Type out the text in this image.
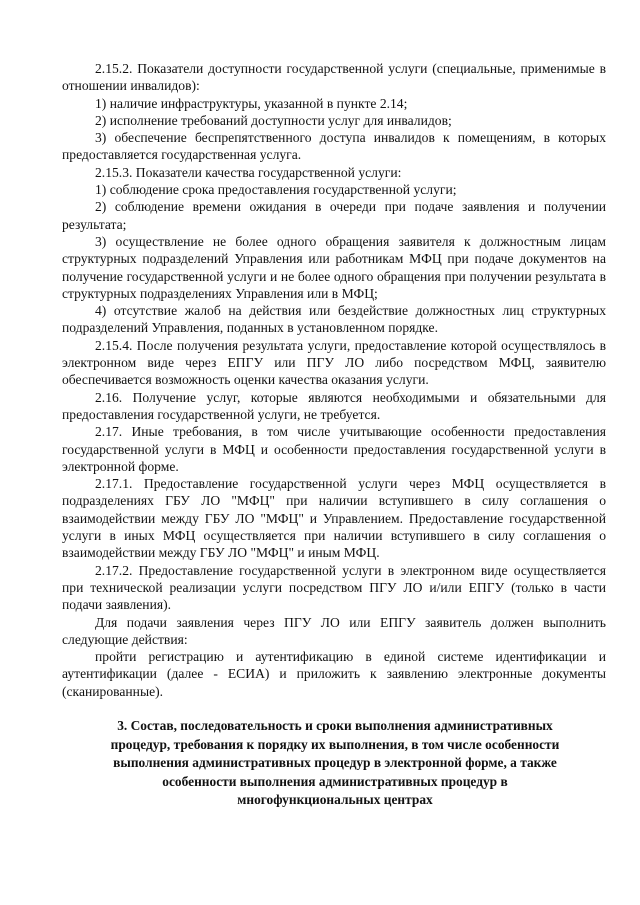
2.15.2. Показатели доступности государственной услуги (специальные, применимые в отношении инвалидов):

1) наличие инфраструктуры, указанной в пункте 2.14;

2) исполнение требований доступности услуг для инвалидов;

3) обеспечение беспрепятственного доступа инвалидов к помещениям, в которых предоставляется государственная услуга.

2.15.3. Показатели качества государственной услуги:

1) соблюдение срока предоставления государственной услуги;

2) соблюдение времени ожидания в очереди при подаче заявления и получении результата;

3) осуществление не более одного обращения заявителя к должностным лицам структурных подразделений Управления или работникам МФЦ при подаче документов на получение государственной услуги и не более одного обращения при получении результата в структурных подразделениях Управления или в МФЦ;

4) отсутствие жалоб на действия или бездействие должностных лиц структурных подразделений Управления, поданных в установленном порядке.

2.15.4. После получения результата услуги, предоставление которой осуществлялось в электронном виде через ЕПГУ или ПГУ ЛО либо посредством МФЦ, заявителю обеспечивается возможность оценки качества оказания услуги.

2.16. Получение услуг, которые являются необходимыми и обязательными для предоставления государственной услуги, не требуется.

2.17. Иные требования, в том числе учитывающие особенности предоставления государственной услуги в МФЦ и особенности предоставления государственной услуги в электронной форме.

2.17.1. Предоставление государственной услуги через МФЦ осуществляется в подразделениях ГБУ ЛО "МФЦ" при наличии вступившего в силу соглашения о взаимодействии между ГБУ ЛО "МФЦ" и Управлением. Предоставление государственной услуги в иных МФЦ осуществляется при наличии вступившего в силу соглашения о взаимодействии между ГБУ ЛО "МФЦ" и иным МФЦ.

2.17.2. Предоставление государственной услуги в электронном виде осуществляется при технической реализации услуги посредством ПГУ ЛО и/или ЕПГУ (только в части подачи заявления).

Для подачи заявления через ПГУ ЛО или ЕПГУ заявитель должен выполнить следующие действия:

пройти регистрацию и аутентификацию в единой системе идентификации и аутентификации (далее - ЕСИА) и приложить к заявлению электронные документы (сканированные).

3. Состав, последовательность и сроки выполнения административных
процедур, требования к порядку их выполнения, в том числе особенности
выполнения административных процедур в электронной форме, а также
особенности выполнения административных процедур в
многофункциональных центрах
